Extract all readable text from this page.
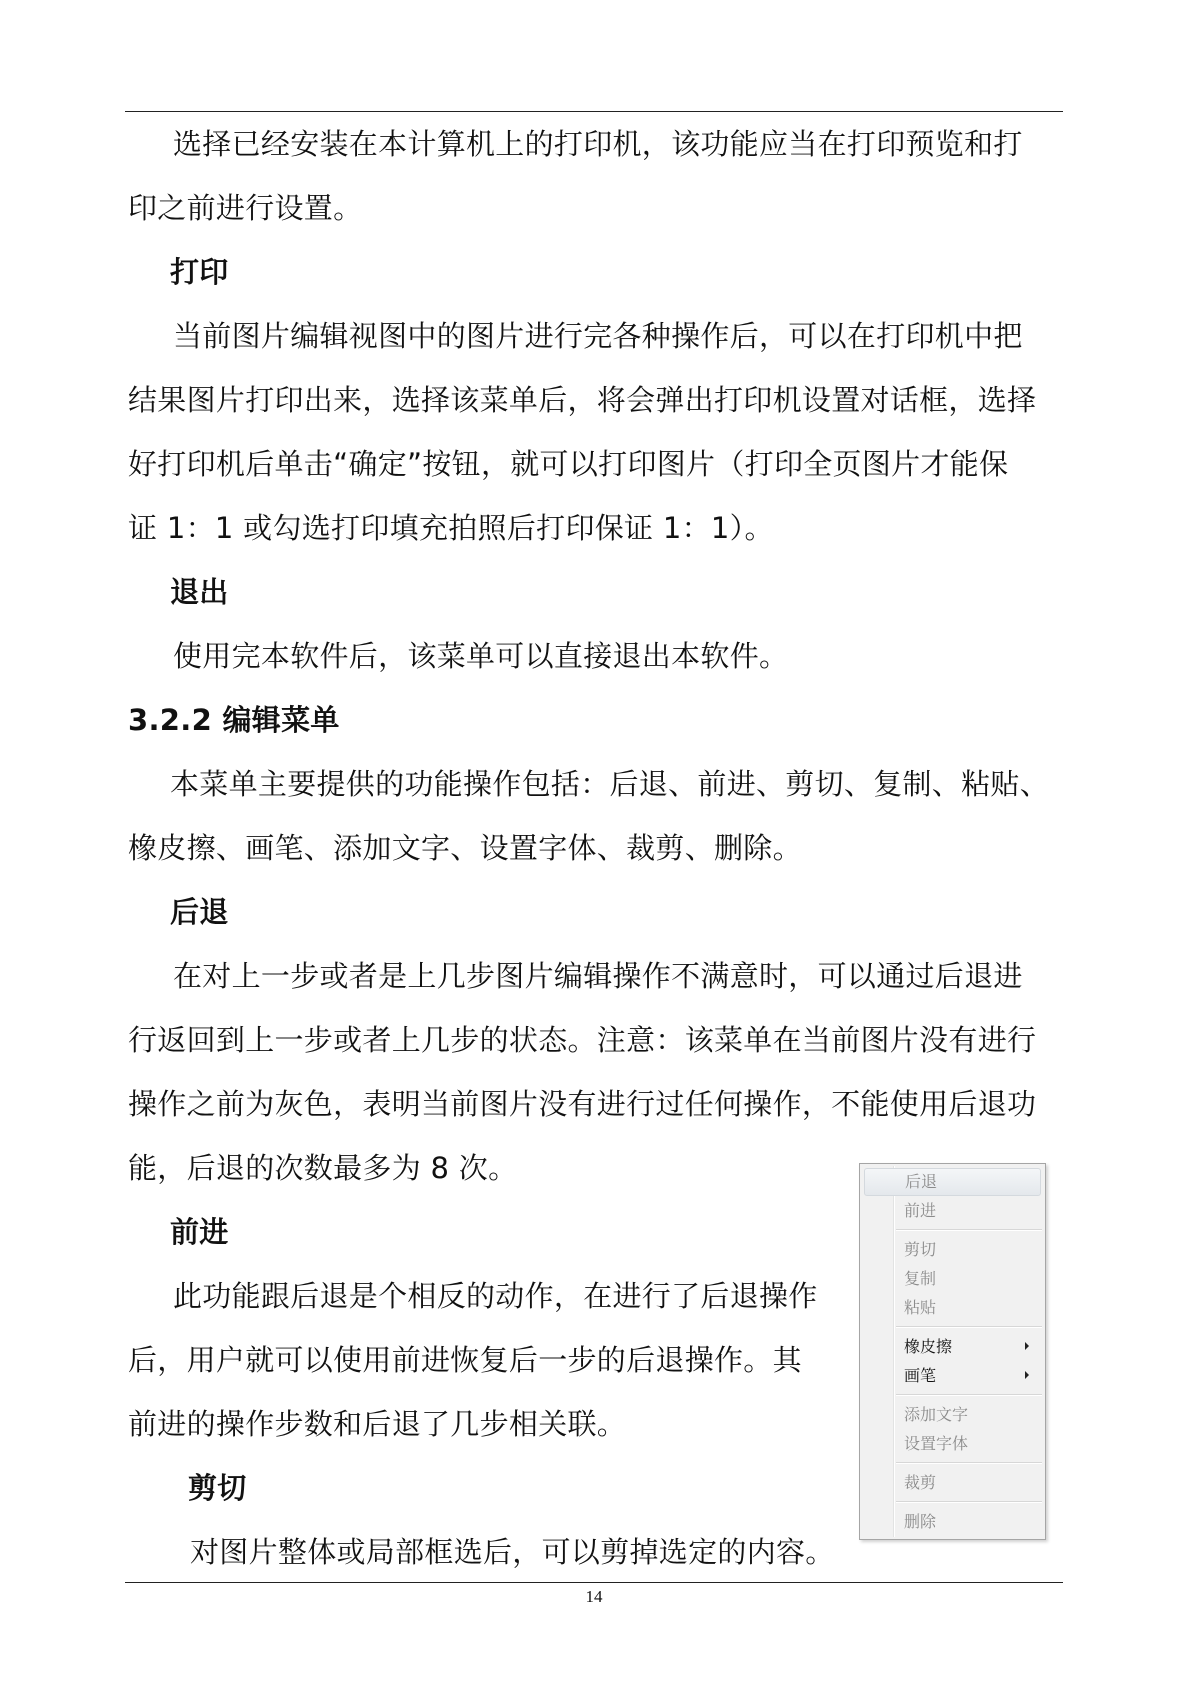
选择已经安装在本计算机上的打印机，该功能应当在打印预览和打
印之前进行设置。
打印
当前图片编辑视图中的图片进行完各种操作后，可以在打印机中把
结果图片打印出来，选择该菜单后，将会弹出打印机设置对话框，选择
好打印机后单击“确定”按钮，就可以打印图片（打印全页图片才能保
证 1：1 或勾选打印填充拍照后打印保证 1：1）。
退出
使用完本软件后，该菜单可以直接退出本软件。
3.2.2 编辑菜单
本菜单主要提供的功能操作包括：后退、前进、剪切、复制、粘贴、
橡皮擦、画笔、添加文字、设置字体、裁剪、删除。
后退
在对上一步或者是上几步图片编辑操作不满意时，可以通过后退进
行返回到上一步或者上几步的状态。注意：该菜单在当前图片没有进行
操作之前为灰色，表明当前图片没有进行过任何操作，不能使用后退功
能，后退的次数最多为 8 次。
前进
此功能跟后退是个相反的动作，在进行了后退操作
后，用户就可以使用前进恢复后一步的后退操作。其
前进的操作步数和后退了几步相关联。
剪切
对图片整体或局部框选后，可以剪掉选定的内容。
后退
前进
剪切
复制
粘贴
橡皮擦
画笔
添加文字
设置字体
裁剪
删除
14
